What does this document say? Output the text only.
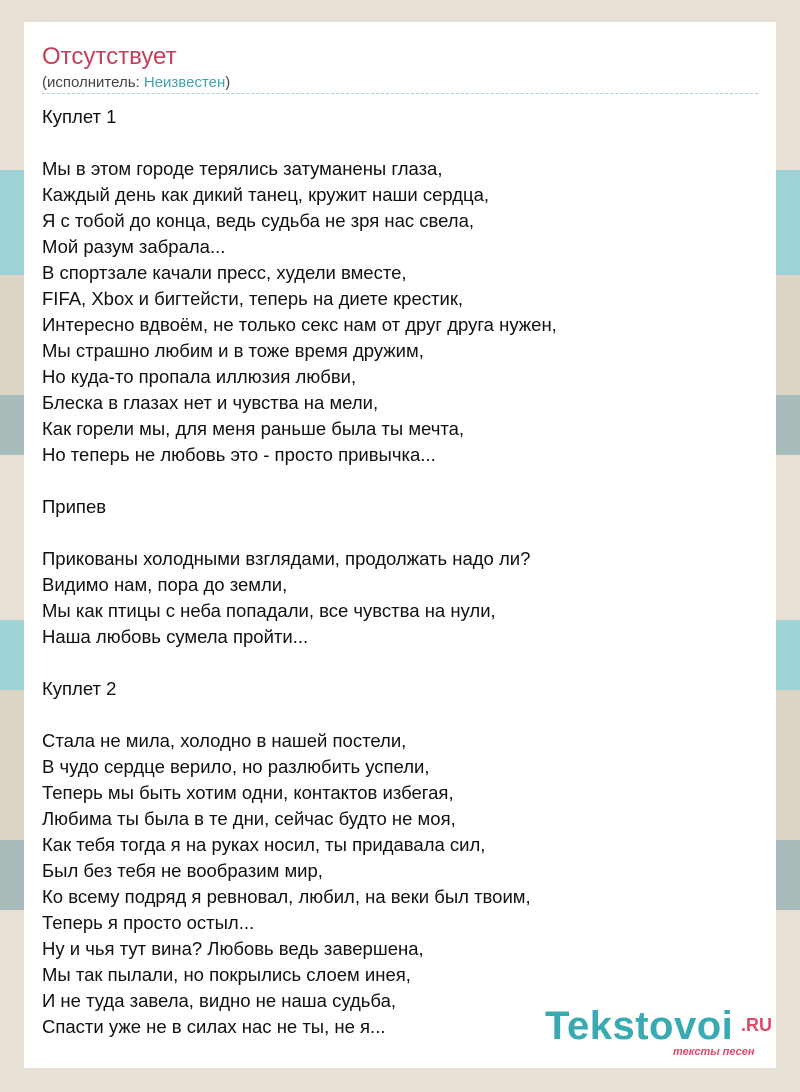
Отсутствует
(исполнитель: Неизвестен)
Куплет 1
Мы в этом городе терялись затуманены глаза,
Каждый день как дикий танец, кружит наши сердца,
Я с тобой до конца, ведь судьба не зря нас свела,
Мой разум забрала...
В спортзале качали пресс, худели вместе,
FIFA, Xbox и бигтейсти, теперь на диете крестик,
Интересно вдвоём, не только секс нам от друг друга нужен,
Мы страшно любим и в тоже время дружим,
Но куда-то пропала иллюзия любви,
Блеска в глазах нет и чувства на мели,
Как горели мы, для меня раньше была ты мечта,
Но теперь не любовь это - просто привычка...
Припев
Прикованы холодными взглядами, продолжать надо ли?
Видимо нам, пора до земли,
Мы как птицы с неба попадали, все чувства на нули,
Наша любовь сумела пройти...
Куплет 2
Стала не мила, холодно в нашей постели,
В чудо сердце верило, но разлюбить успели,
Теперь мы быть хотим одни, контактов избегая,
Любима ты была в те дни, сейчас будто не моя,
Как тебя тогда я на руках носил, ты придавала сил,
Был без тебя не вообразим мир,
Ко всему подряд я ревновал, любил, на веки был твоим,
Теперь я просто остыл...
Ну и чья тут вина? Любовь ведь завершена,
Мы так пылали, но покрылись слоем инея,
И не туда завела, видно не наша судьба,
Спасти уже не в силах нас не ты, не я...	Tekstovoi .RU
тексты песен
